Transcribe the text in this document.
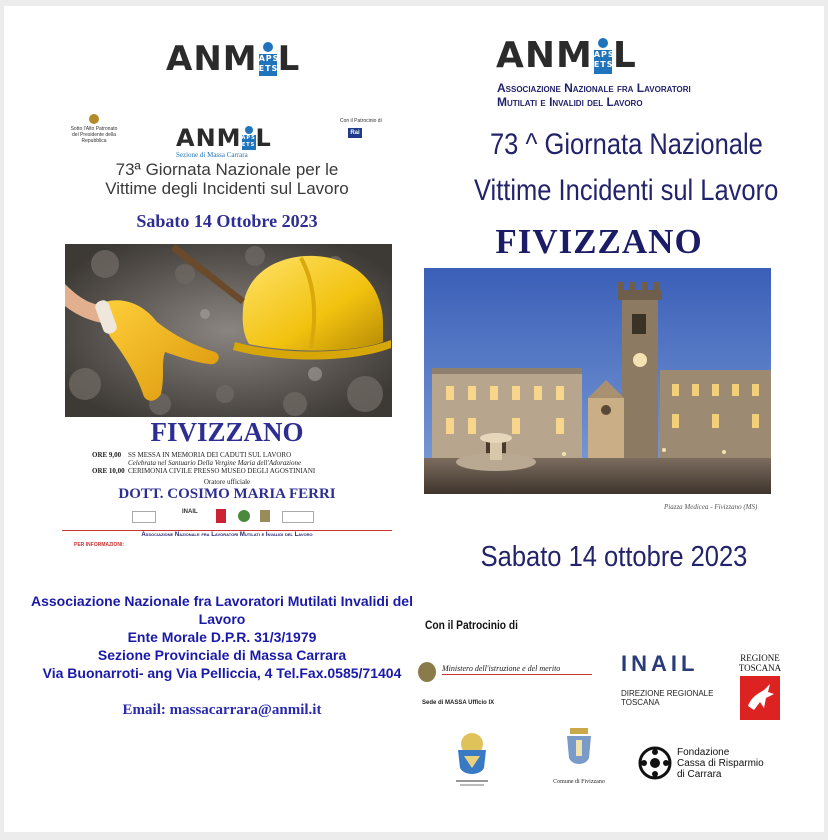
ANM APS
ETS L
Sotto l'Alto Patronato
del Presidente della Repubblica
Con il Patrocinio di
Rai
ANM APS
ETS L
Sezione di Massa Carrara
73ª Giornata Nazionale per le
Vittime degli Incidenti sul Lavoro
Sabato 14 Ottobre 2023
FIVIZZANO
ORE 9,00 SS MESSA IN MEMORIA DEI CADUTI SUL LAVORO
Celebrata nel Santuario Della Vergine Maria dell'Adorazione
ORE 10,00 CERIMONIA CIVILE PRESSO MUSEO DEGLI AGOSTINIANI
Oratore ufficiale
DOTT. COSIMO MARIA FERRI
INAIL
Associazione Nazionale fra Lavoratori Mutilati e Invalidi del Lavoro
PER INFORMAZIONI:
Associazione Nazionale fra Lavoratori Mutilati Invalidi del Lavoro
Ente Morale D.P.R. 31/3/1979
Sezione Provinciale di Massa Carrara
Via Buonarroti- ang Via Pelliccia, 4 Tel.Fax.0585/71404
Email: massacarrara@anmil.it
ANM APS
ETS L
Associazione Nazionale fra Lavoratori
Mutilati e Invalidi del Lavoro
73 ^ Giornata Nazionale
Vittime Incidenti sul Lavoro
FIVIZZANO
Piazza Medicea - Fivizzano (MS)
Sabato 14 ottobre 2023
Con il Patrocinio di
Ministero dell'istruzione e del merito
Sede di MASSA Ufficio IX
INAIL
DIREZIONE REGIONALE
TOSCANA
REGIONE
TOSCANA
Comune di Fivizzano
Fondazione
Cassa di Risparmio
di Carrara
